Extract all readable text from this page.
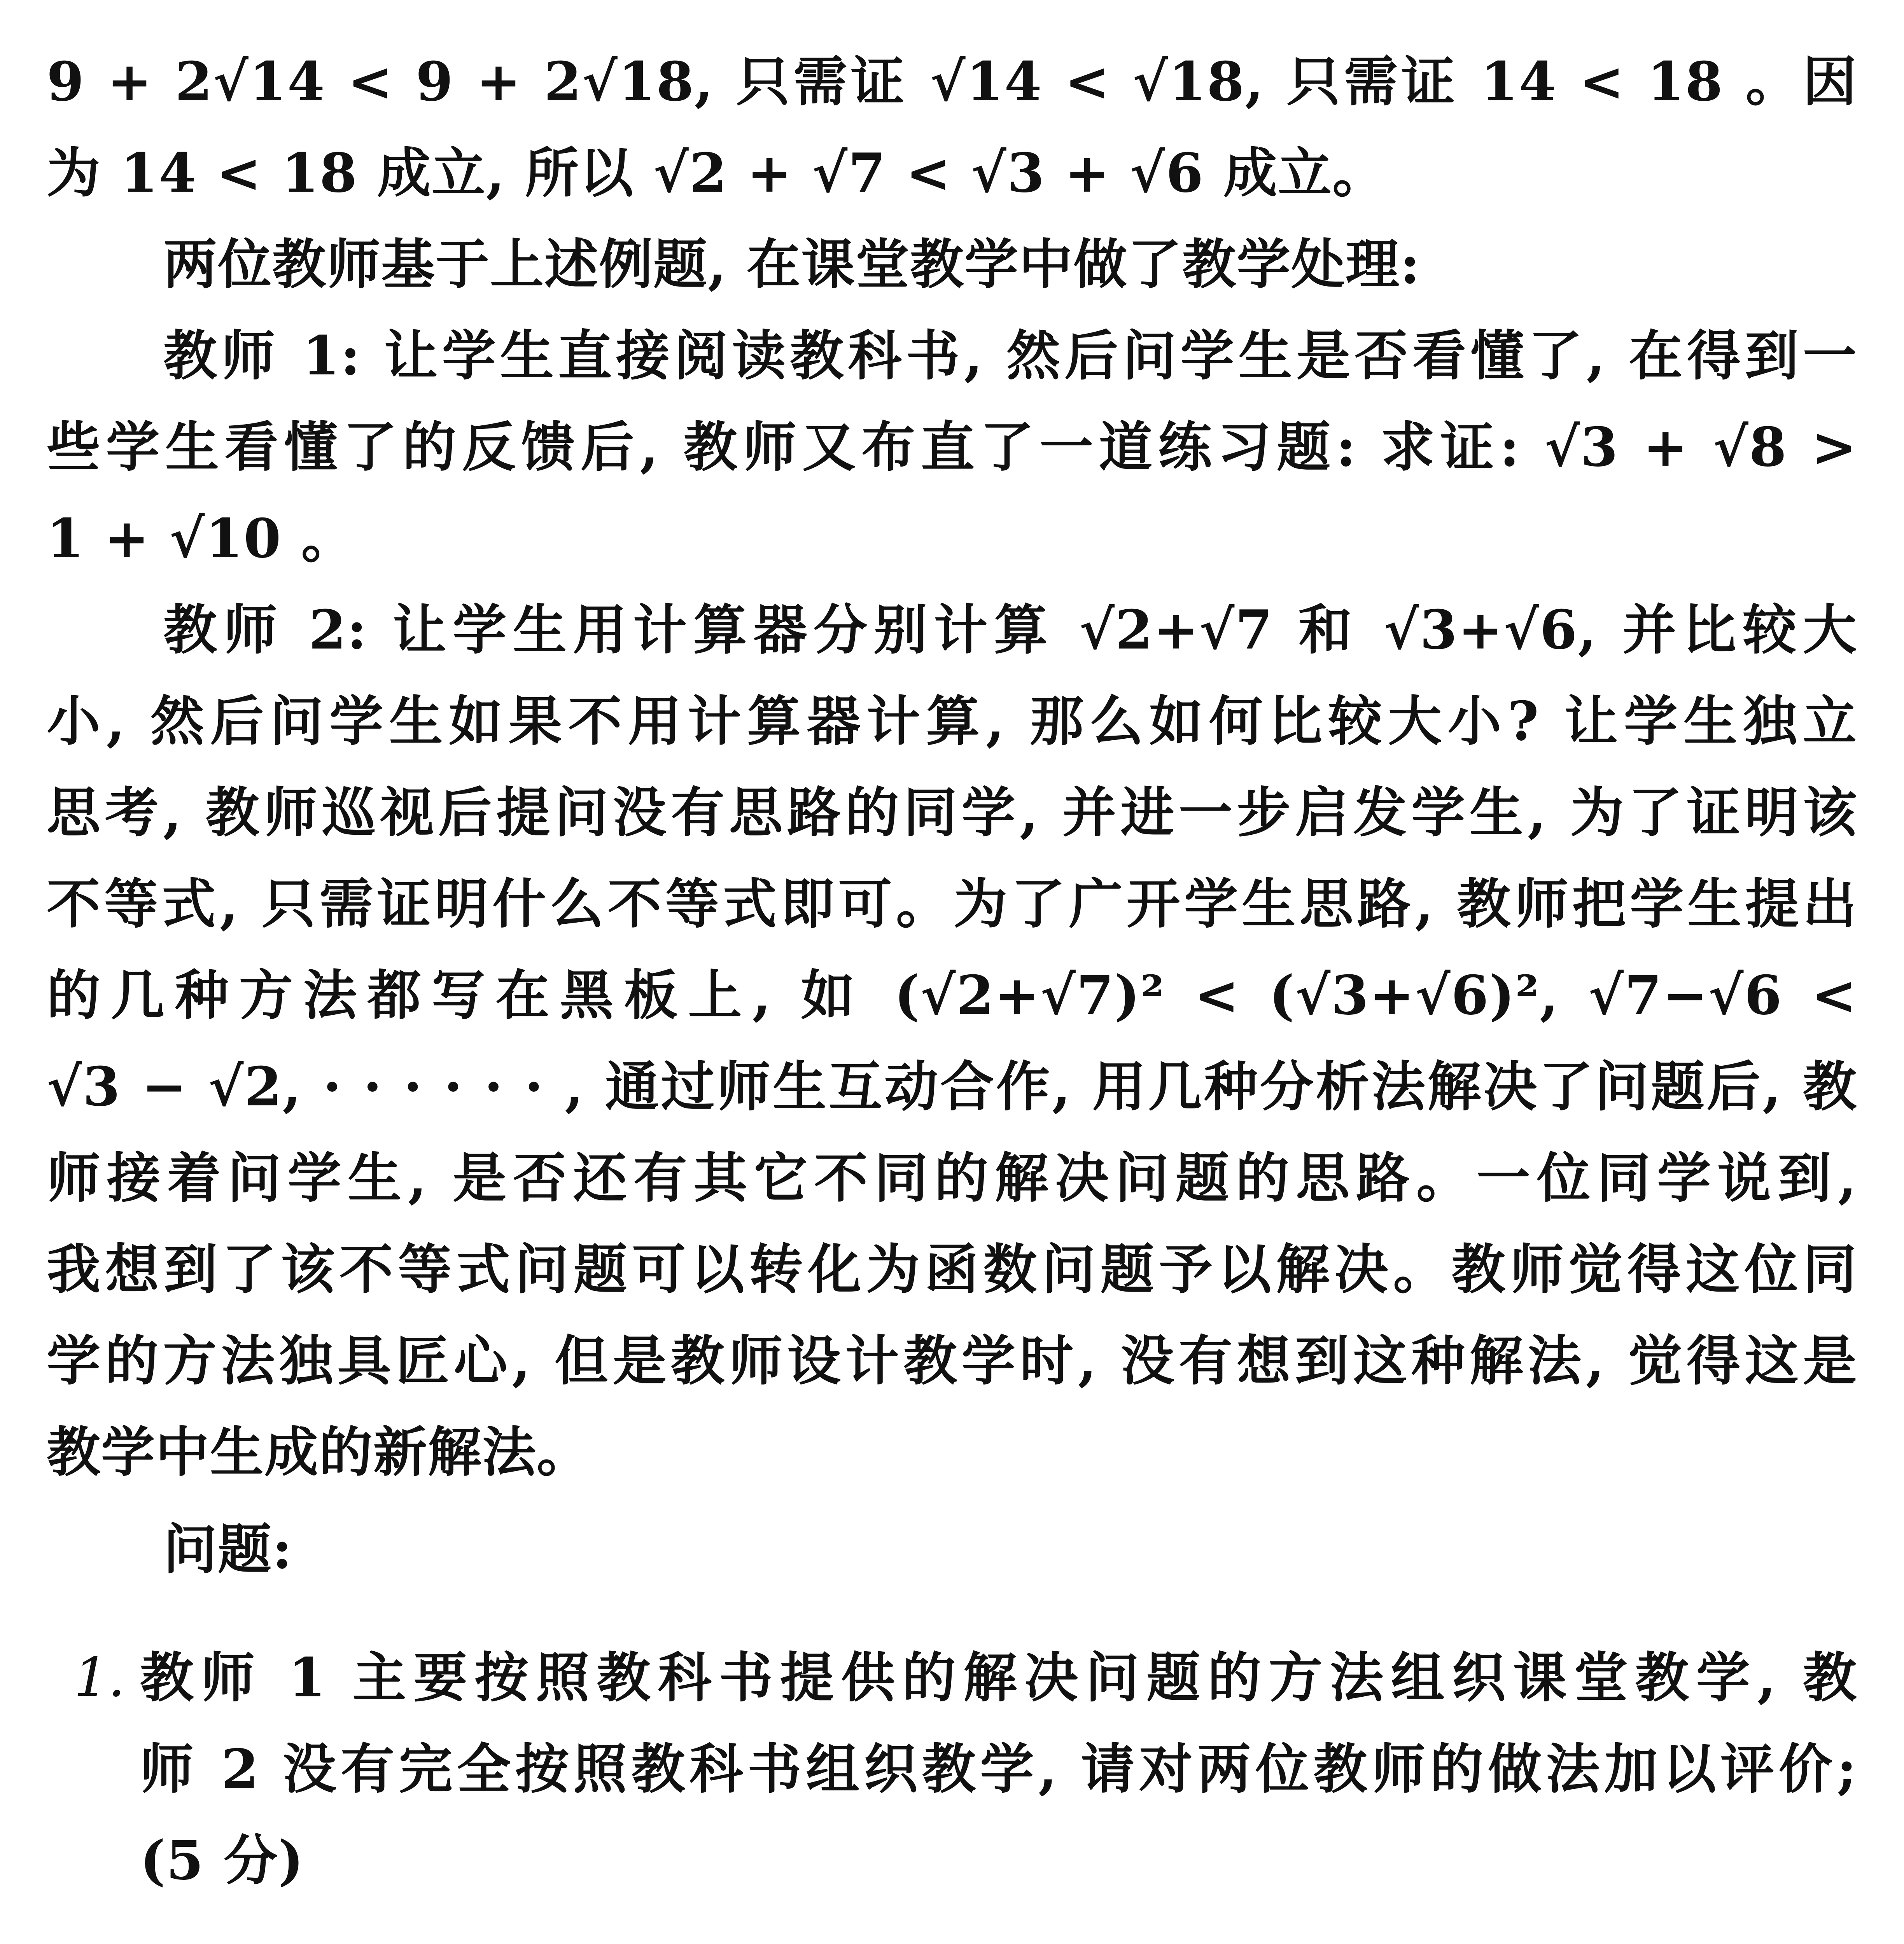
9 + 2√14 < 9 + 2√18, 只需证 √14 < √18, 只需证 14 < 18 。因
为 14 < 18 成立, 所以 √2 + √7 < √3 + √6 成立。
两位教师基于上述例题, 在课堂教学中做了教学处理:
教师 1: 让学生直接阅读教科书, 然后问学生是否看懂了, 在得到一
些学生看懂了的反馈后, 教师又布直了一道练习题: 求证: √3 + √8 >
1 + √10 。
教师 2: 让学生用计算器分别计算 √2+√7 和 √3+√6, 并比较大
小, 然后问学生如果不用计算器计算, 那么如何比较大小? 让学生独立
思考, 教师巡视后提问没有思路的同学, 并进一步启发学生, 为了证明该
不等式, 只需证明什么不等式即可。为了广开学生思路, 教师把学生提出
的几种方法都写在黑板上, 如 (√2+√7)² < (√3+√6)², √7−√6 <
√3 − √2, · · · · · · , 通过师生互动合作, 用几种分析法解决了问题后, 教
师接着问学生, 是否还有其它不同的解决问题的思路。一位同学说到,
我想到了该不等式问题可以转化为函数问题予以解决。教师觉得这位同
学的方法独具匠心, 但是教师设计教学时, 没有想到这种解法, 觉得这是
教学中生成的新解法。
问题:
1. 教师 1 主要按照教科书提供的解决问题的方法组织课堂教学, 教
师 2 没有完全按照教科书组织教学, 请对两位教师的做法加以评价;
(5 分)
